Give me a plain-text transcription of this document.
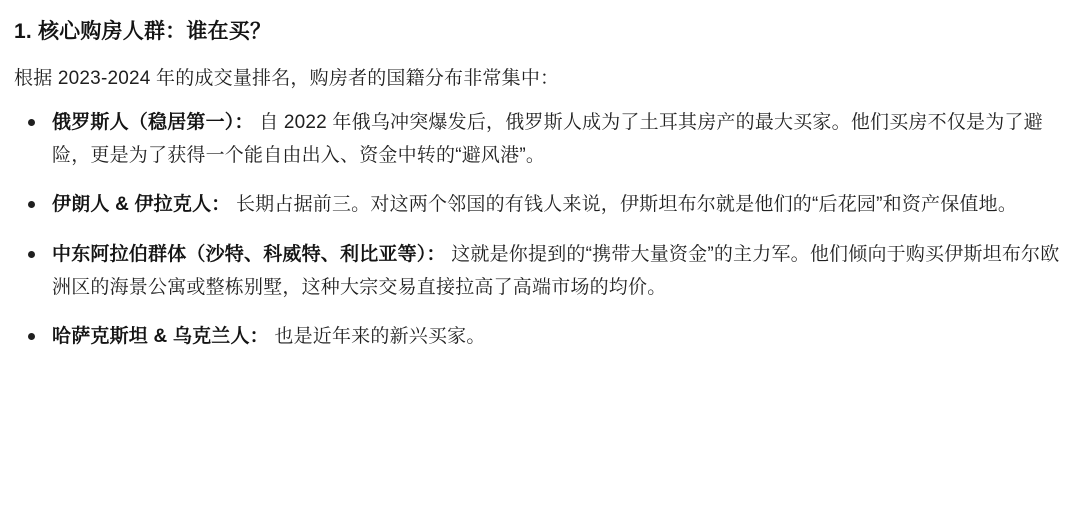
1. 核心购房人群：谁在买？

根据 2023-2024 年的成交量排名，购房者的国籍分布非常集中：

俄罗斯人（稳居第一）： 自 2022 年俄乌冲突爆发后，俄罗斯人成为了土耳其房产的最大买家。他们买房不仅是为了避险，更是为了获得一个能自由出入、资金中转的“避风港”。
伊朗人 & 伊拉克人： 长期占据前三。对这两个邻国的有钱人来说，伊斯坦布尔就是他们的“后花园”和资产保值地。
中东阿拉伯群体（沙特、科威特、利比亚等）： 这就是你提到的“携带大量资金”的主力军。他们倾向于购买伊斯坦布尔欧洲区的海景公寓或整栋别墅，这种大宗交易直接拉高了高端市场的均价。
哈萨克斯坦 & 乌克兰人： 也是近年来的新兴买家。
